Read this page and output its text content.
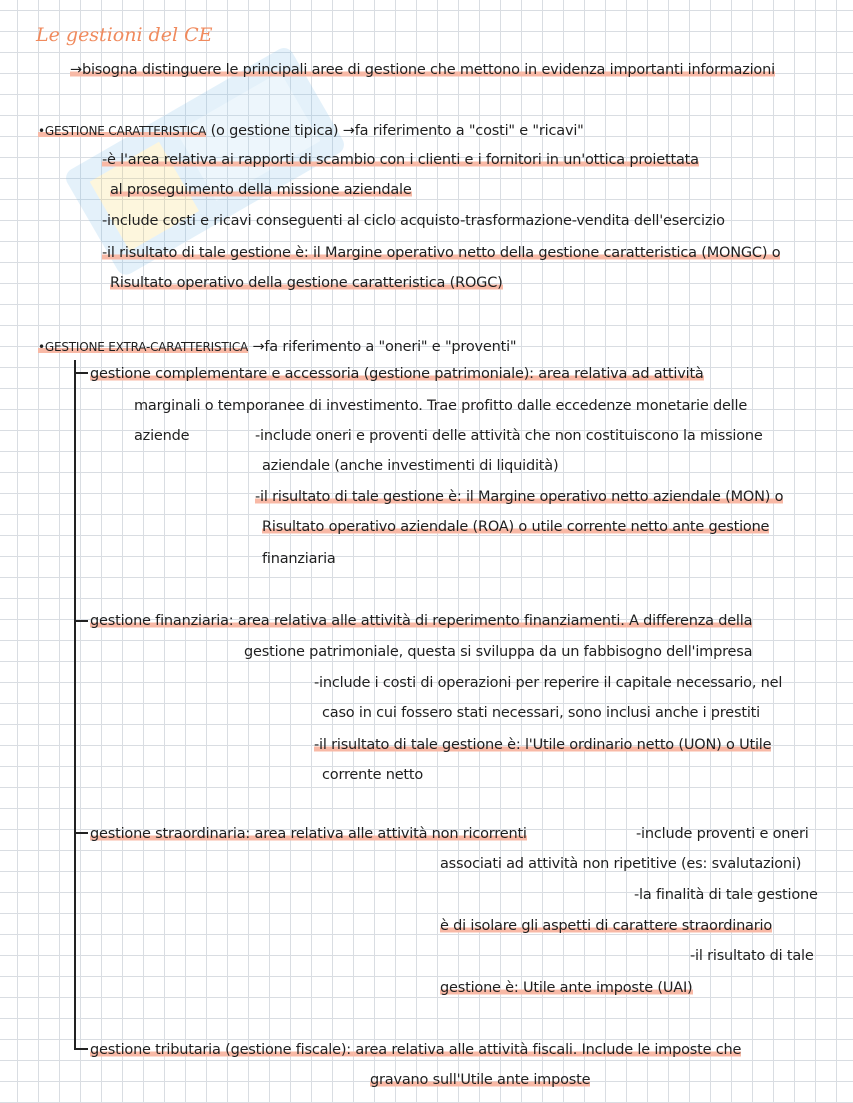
Le gestioni del CE
→bisogna distinguere le principali aree di gestione che mettono in evidenza importanti informazioni
•GESTIONE CARATTERISTICA (o gestione tipica) →fa riferimento a "costi" e "ricavi"
-è l'area relativa ai rapporti di scambio con i clienti e i fornitori in un'ottica proiettata
al proseguimento della missione aziendale
-include costi e ricavi conseguenti al ciclo acquisto-trasformazione-vendita dell'esercizio
-il risultato di tale gestione è: il Margine operativo netto della gestione caratteristica (MONGC) o
Risultato operativo della gestione caratteristica (ROGC)
•GESTIONE EXTRA-CARATTERISTICA →fa riferimento a "oneri" e "proventi"
gestione complementare e accessoria (gestione patrimoniale): area relativa ad attività
marginali o temporanee di investimento. Trae profitto dalle eccedenze monetarie delle
aziende	-include oneri e proventi delle attività che non costituiscono la missione
aziendale (anche investimenti di liquidità)
-il risultato di tale gestione è: il Margine operativo netto aziendale (MON) o
Risultato operativo aziendale (ROA) o utile corrente netto ante gestione
finanziaria
gestione finanziaria: area relativa alle attività di reperimento finanziamenti. A differenza della
gestione patrimoniale, questa si sviluppa da un fabbisogno dell'impresa
-include i costi di operazioni per reperire il capitale necessario, nel
caso in cui fossero stati necessari, sono inclusi anche i prestiti
-il risultato di tale gestione è: l'Utile ordinario netto (UON) o Utile
corrente netto
gestione straordinaria: area relativa alle attività non ricorrenti	-include proventi e oneri
associati ad attività non ripetitive (es: svalutazioni)
-la finalità di tale gestione
è di isolare gli aspetti di carattere straordinario
-il risultato di tale
gestione è: Utile ante imposte (UAI)
gestione tributaria (gestione fiscale): area relativa alle attività fiscali. Include le imposte che
gravano sull'Utile ante imposte
